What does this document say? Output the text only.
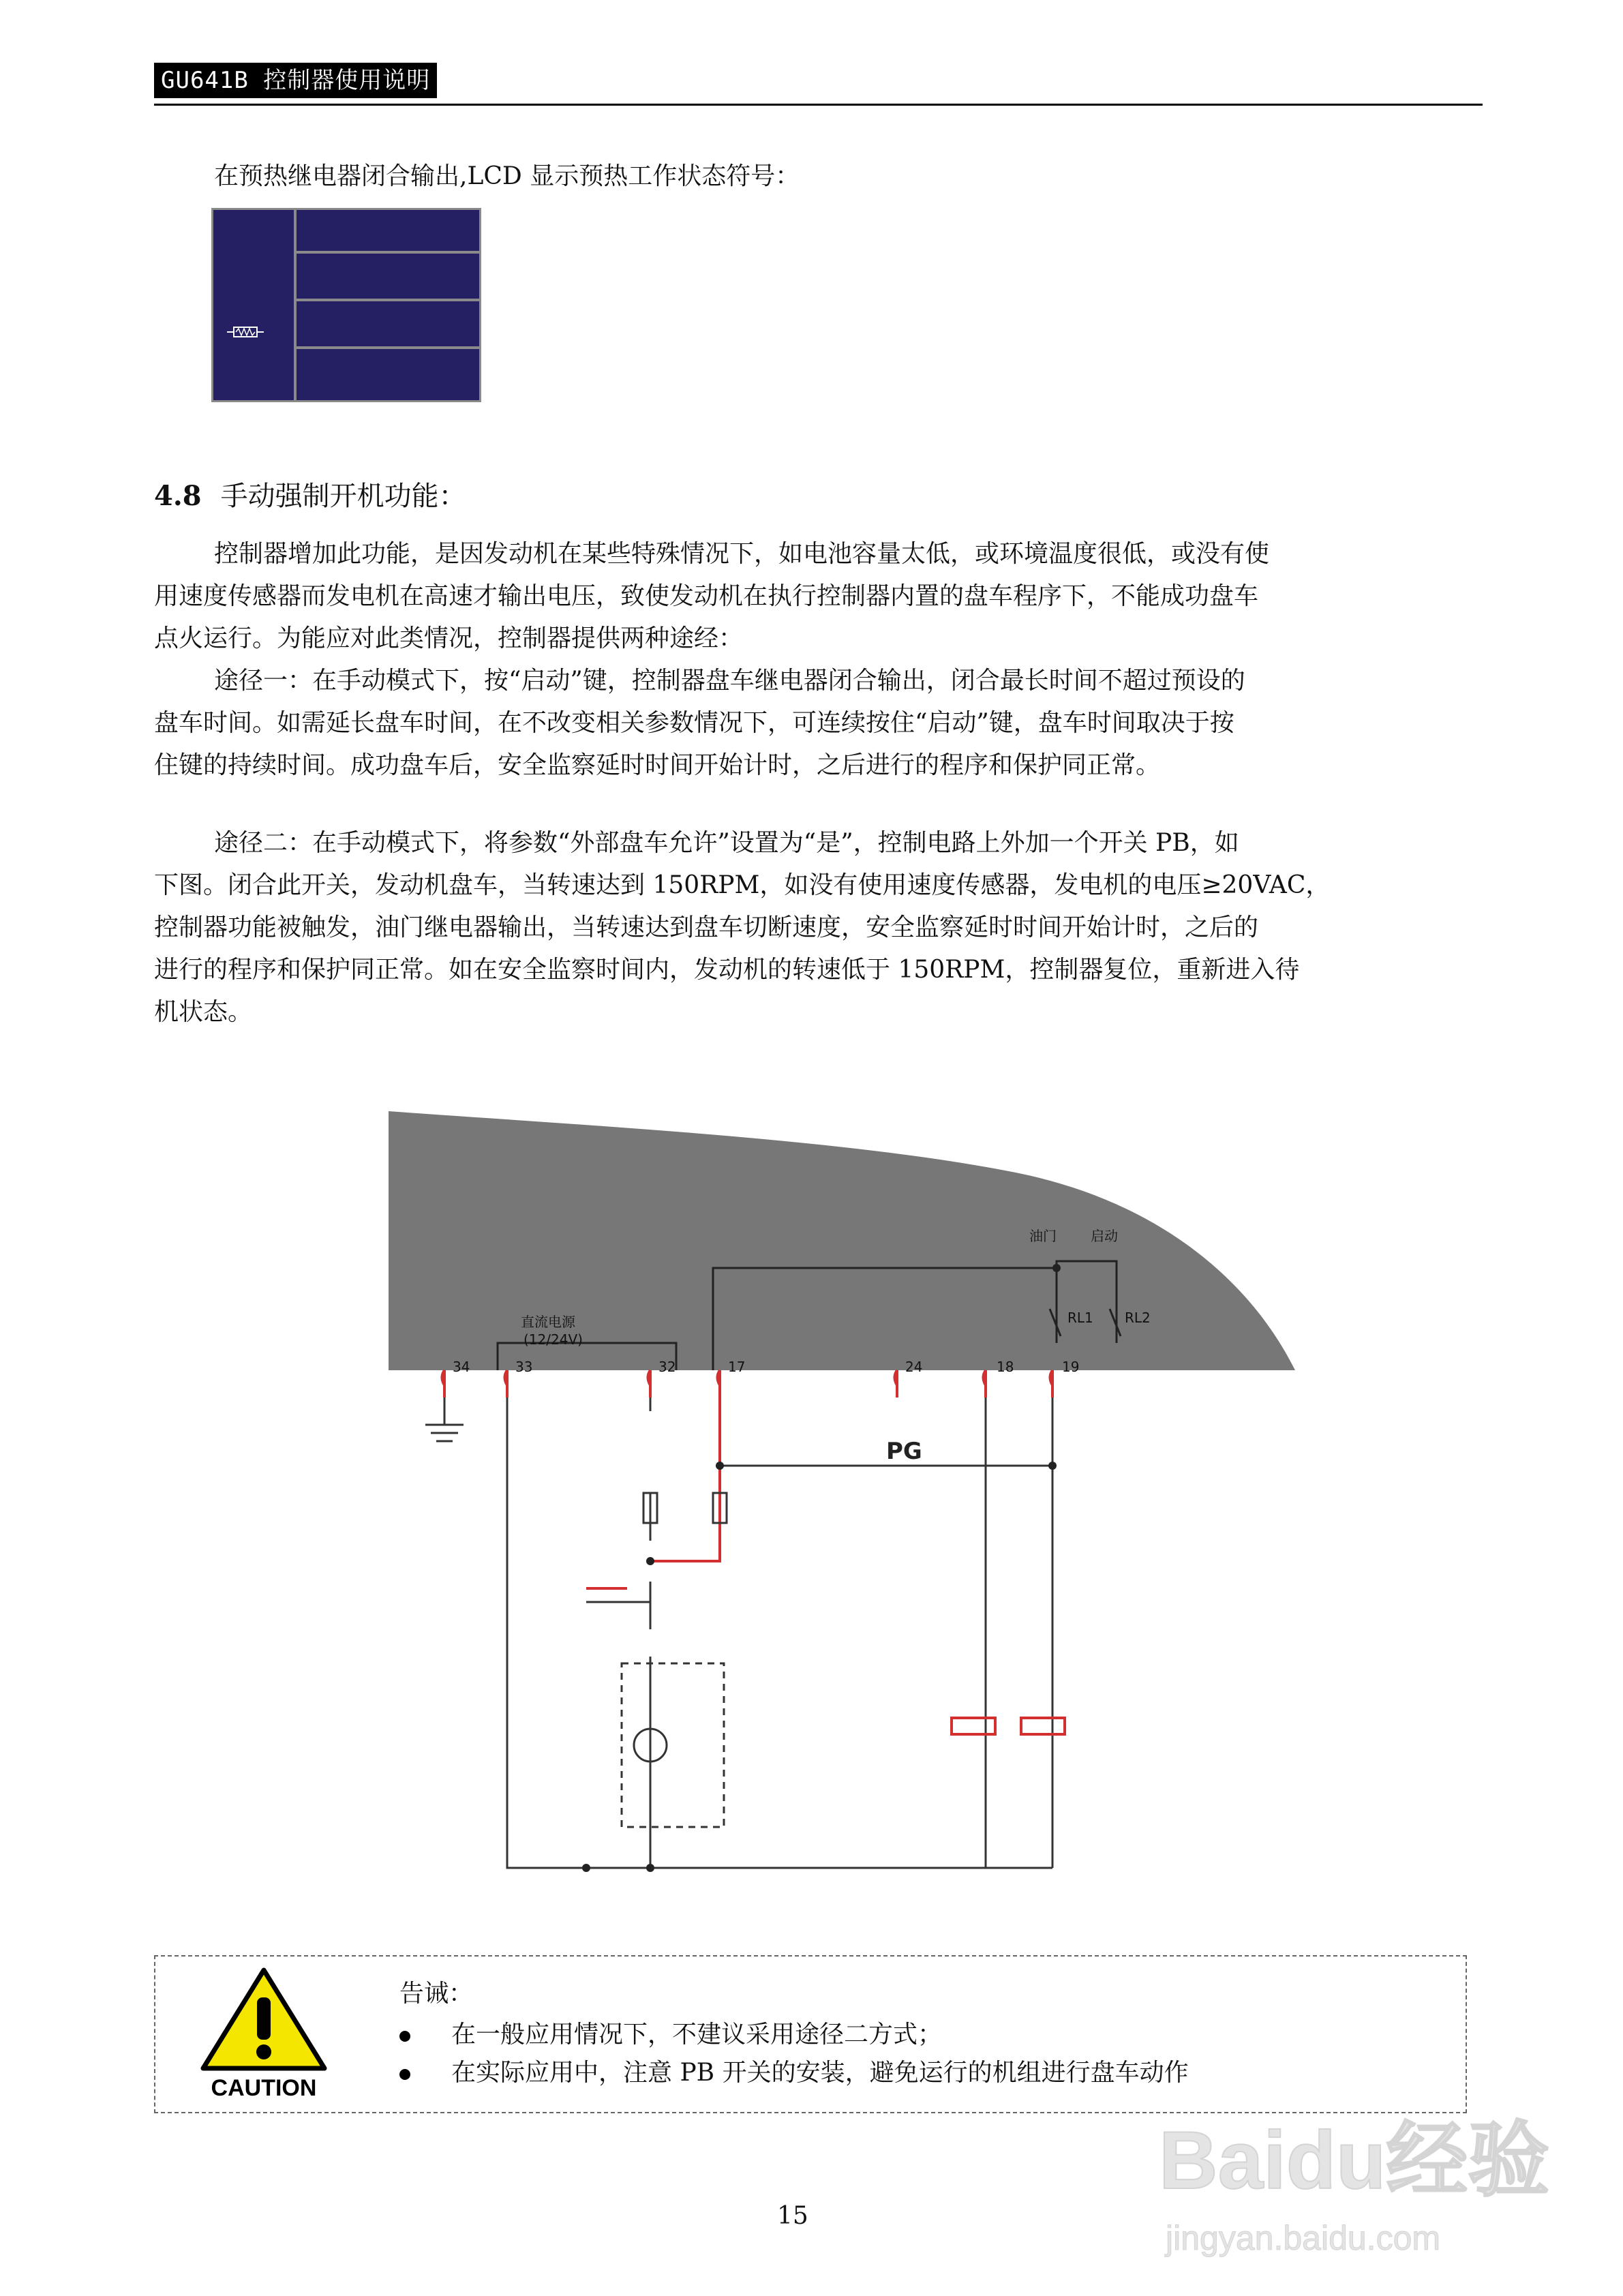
GU641B 控制器使用说明

在预热继电器闭合输出,LCD 显示预热工作状态符号：

4.8 手动强制开机功能：

控制器增加此功能，是因发动机在某些特殊情况下，如电池容量太低，或环境温度很低，或没有使

用速度传感器而发电机在高速才输出电压，致使发动机在执行控制器内置的盘车程序下，不能成功盘车

点火运行。为能应对此类情况，控制器提供两种途经：

途径一：在手动模式下，按“启动”键，控制器盘车继电器闭合输出，闭合最长时间不超过预设的

盘车时间。如需延长盘车时间，在不改变相关参数情况下，可连续按住“启动”键，盘车时间取决于按

住键的持续时间。成功盘车后，安全监察延时时间开始计时，之后进行的程序和保护同正常。

途径二：在手动模式下，将参数“外部盘车允许”设置为“是”，控制电路上外加一个开关 PB，如

下图。闭合此开关，发动机盘车，当转速达到 150RPM，如没有使用速度传感器，发电机的电压≥20VAC，

控制器功能被触发，油门继电器输出，当转速达到盘车切断速度，安全监察延时时间开始计时，之后的

进行的程序和保护同正常。如在安全监察时间内，发动机的转速低于 150RPM，控制器复位，重新进入待

机状态。

直流电源
(12/24V)
油门	启动
RL1 RL2
34	33	32	17	24	18	19
PG
CAUTION
告诫：
在一般应用情况下，不建议采用途径二方式；
在实际应用中，注意 PB 开关的安装，避免运行的机组进行盘车动作
15
Baidu经验
jingyan.baidu.com
